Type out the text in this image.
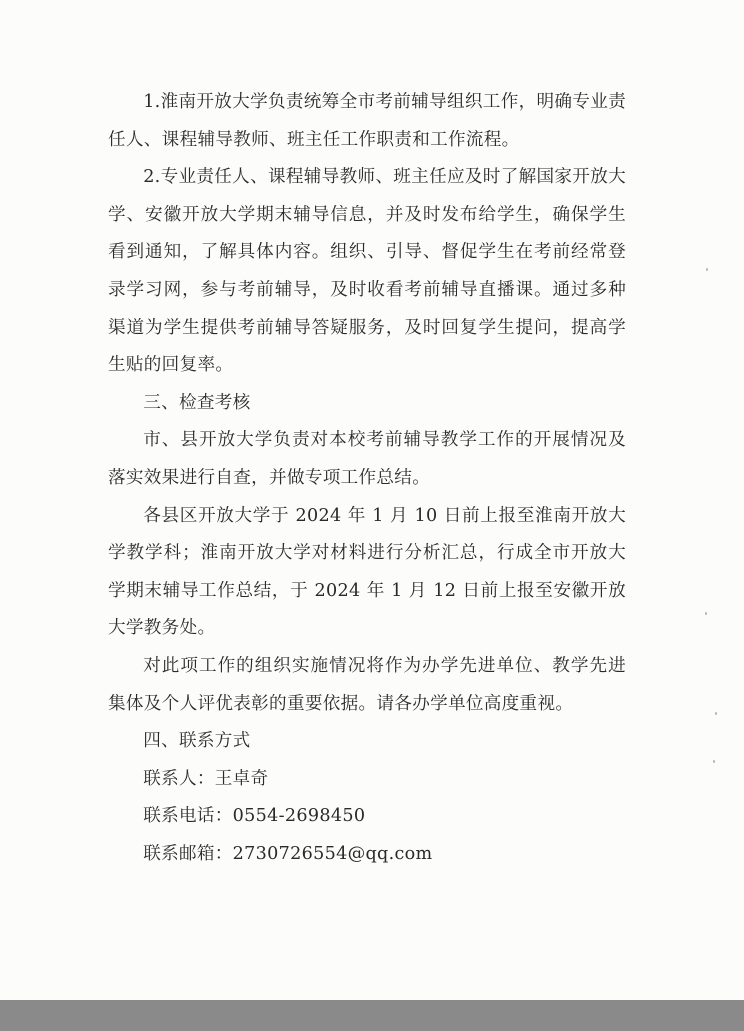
1.淮南开放大学负责统筹全市考前辅导组织工作，明确专业责任人、课程辅导教师、班主任工作职责和工作流程。

2.专业责任人、课程辅导教师、班主任应及时了解国家开放大学、安徽开放大学期末辅导信息，并及时发布给学生，确保学生看到通知，了解具体内容。组织、引导、督促学生在考前经常登录学习网，参与考前辅导，及时收看考前辅导直播课。通过多种渠道为学生提供考前辅导答疑服务，及时回复学生提问，提高学生贴的回复率。

三、检查考核

市、县开放大学负责对本校考前辅导教学工作的开展情况及落实效果进行自查，并做专项工作总结。

各县区开放大学于 2024 年 1 月 10 日前上报至淮南开放大学教学科；淮南开放大学对材料进行分析汇总，行成全市开放大学期末辅导工作总结，于 2024 年 1 月 12 日前上报至安徽开放大学教务处。

对此项工作的组织实施情况将作为办学先进单位、教学先进集体及个人评优表彰的重要依据。请各办学单位高度重视。

四、联系方式

联系人：王卓奇

联系电话：0554-2698450

联系邮箱：2730726554@qq.com
